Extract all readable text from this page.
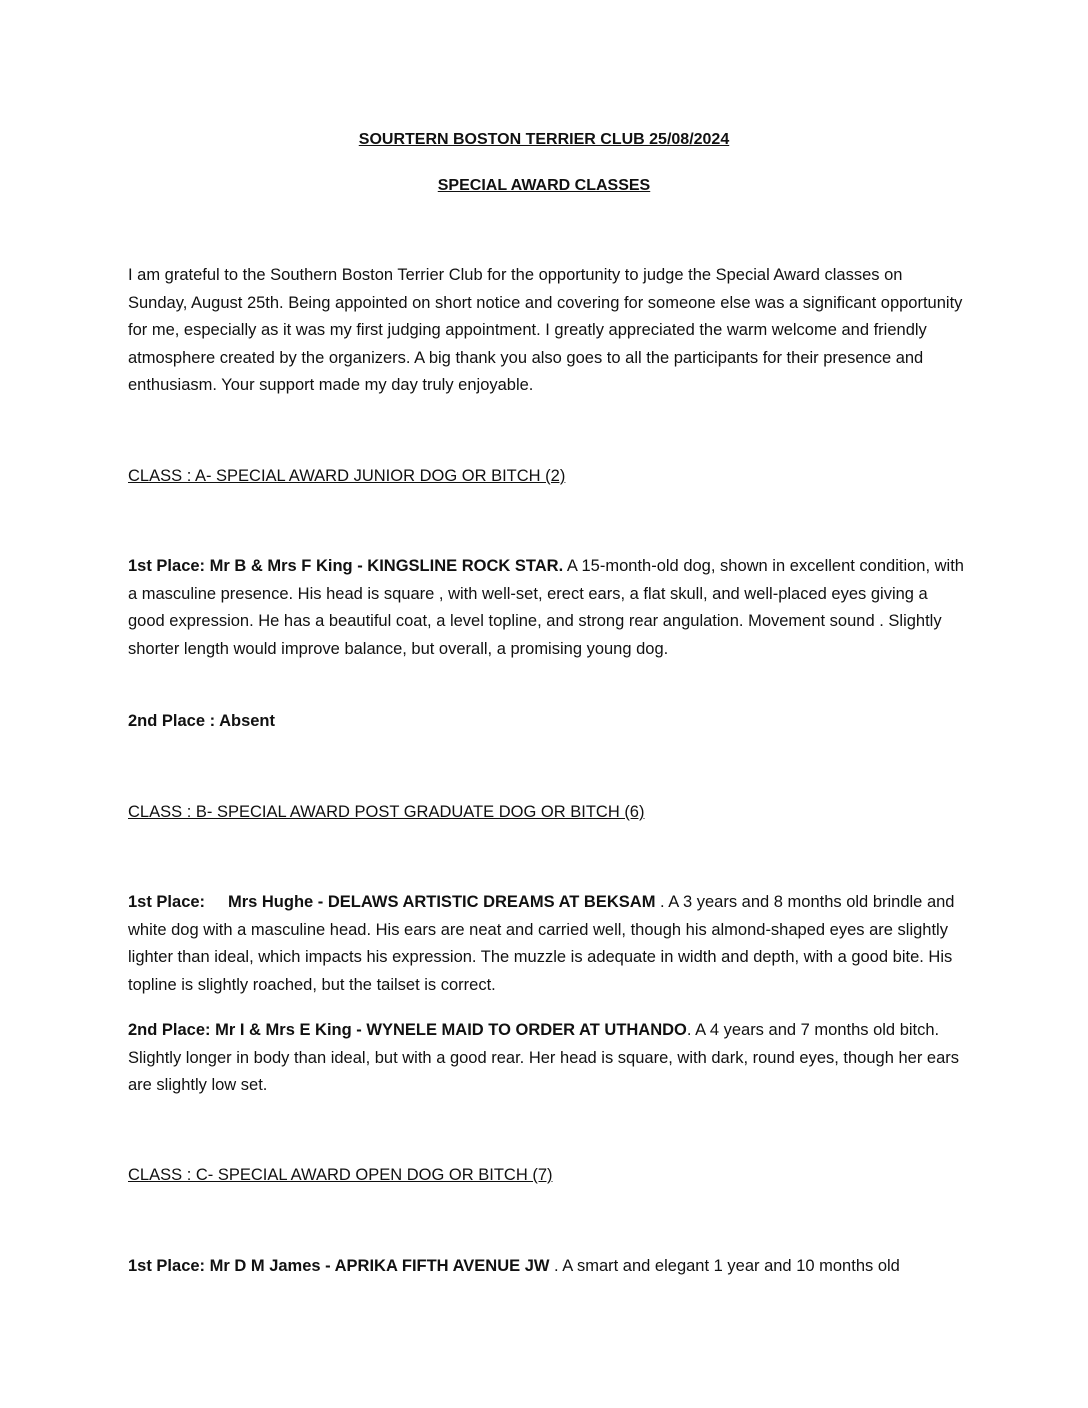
SOURTERN BOSTON TERRIER CLUB 25/08/2024

SPECIAL AWARD CLASSES

I am grateful to the Southern Boston Terrier Club for the opportunity to judge the Special Award classes on Sunday, August 25th. Being appointed on short notice and covering for someone else was a significant opportunity for me, especially as it was my first judging appointment. I greatly appreciated the warm welcome and friendly atmosphere created by the organizers. A big thank you also goes to all the participants for their presence and enthusiasm. Your support made my day truly enjoyable.

CLASS : A- SPECIAL AWARD JUNIOR DOG OR BITCH (2)

1st Place: Mr B & Mrs F King - KINGSLINE ROCK STAR. A 15-month-old dog, shown in excellent condition, with a masculine presence. His head is square , with well-set, erect ears, a flat skull, and well-placed eyes giving a good expression. He has a beautiful coat, a level topline, and strong rear angulation. Movement sound . Slightly shorter length would improve balance, but overall, a promising young dog.

2nd Place : Absent

CLASS : B- SPECIAL AWARD POST GRADUATE DOG OR BITCH (6)

1st Place:     Mrs Hughe - DELAWS ARTISTIC DREAMS AT BEKSAM . A 3 years and 8 months old brindle and white dog with a masculine head. His ears are neat and carried well, though his almond-shaped eyes are slightly lighter than ideal, which impacts his expression. The muzzle is adequate in width and depth, with a good bite. His topline is slightly roached, but the tailset is correct.

2nd Place: Mr I & Mrs E King - WYNELE MAID TO ORDER AT UTHANDO. A 4 years and 7 months old bitch. Slightly longer in body than ideal, but with a good rear. Her head is square, with dark, round eyes, though her ears are slightly low set.

CLASS : C- SPECIAL AWARD OPEN DOG OR BITCH (7)

1st Place: Mr D M James - APRIKA FIFTH AVENUE JW . A smart and elegant 1 year and 10 months old
